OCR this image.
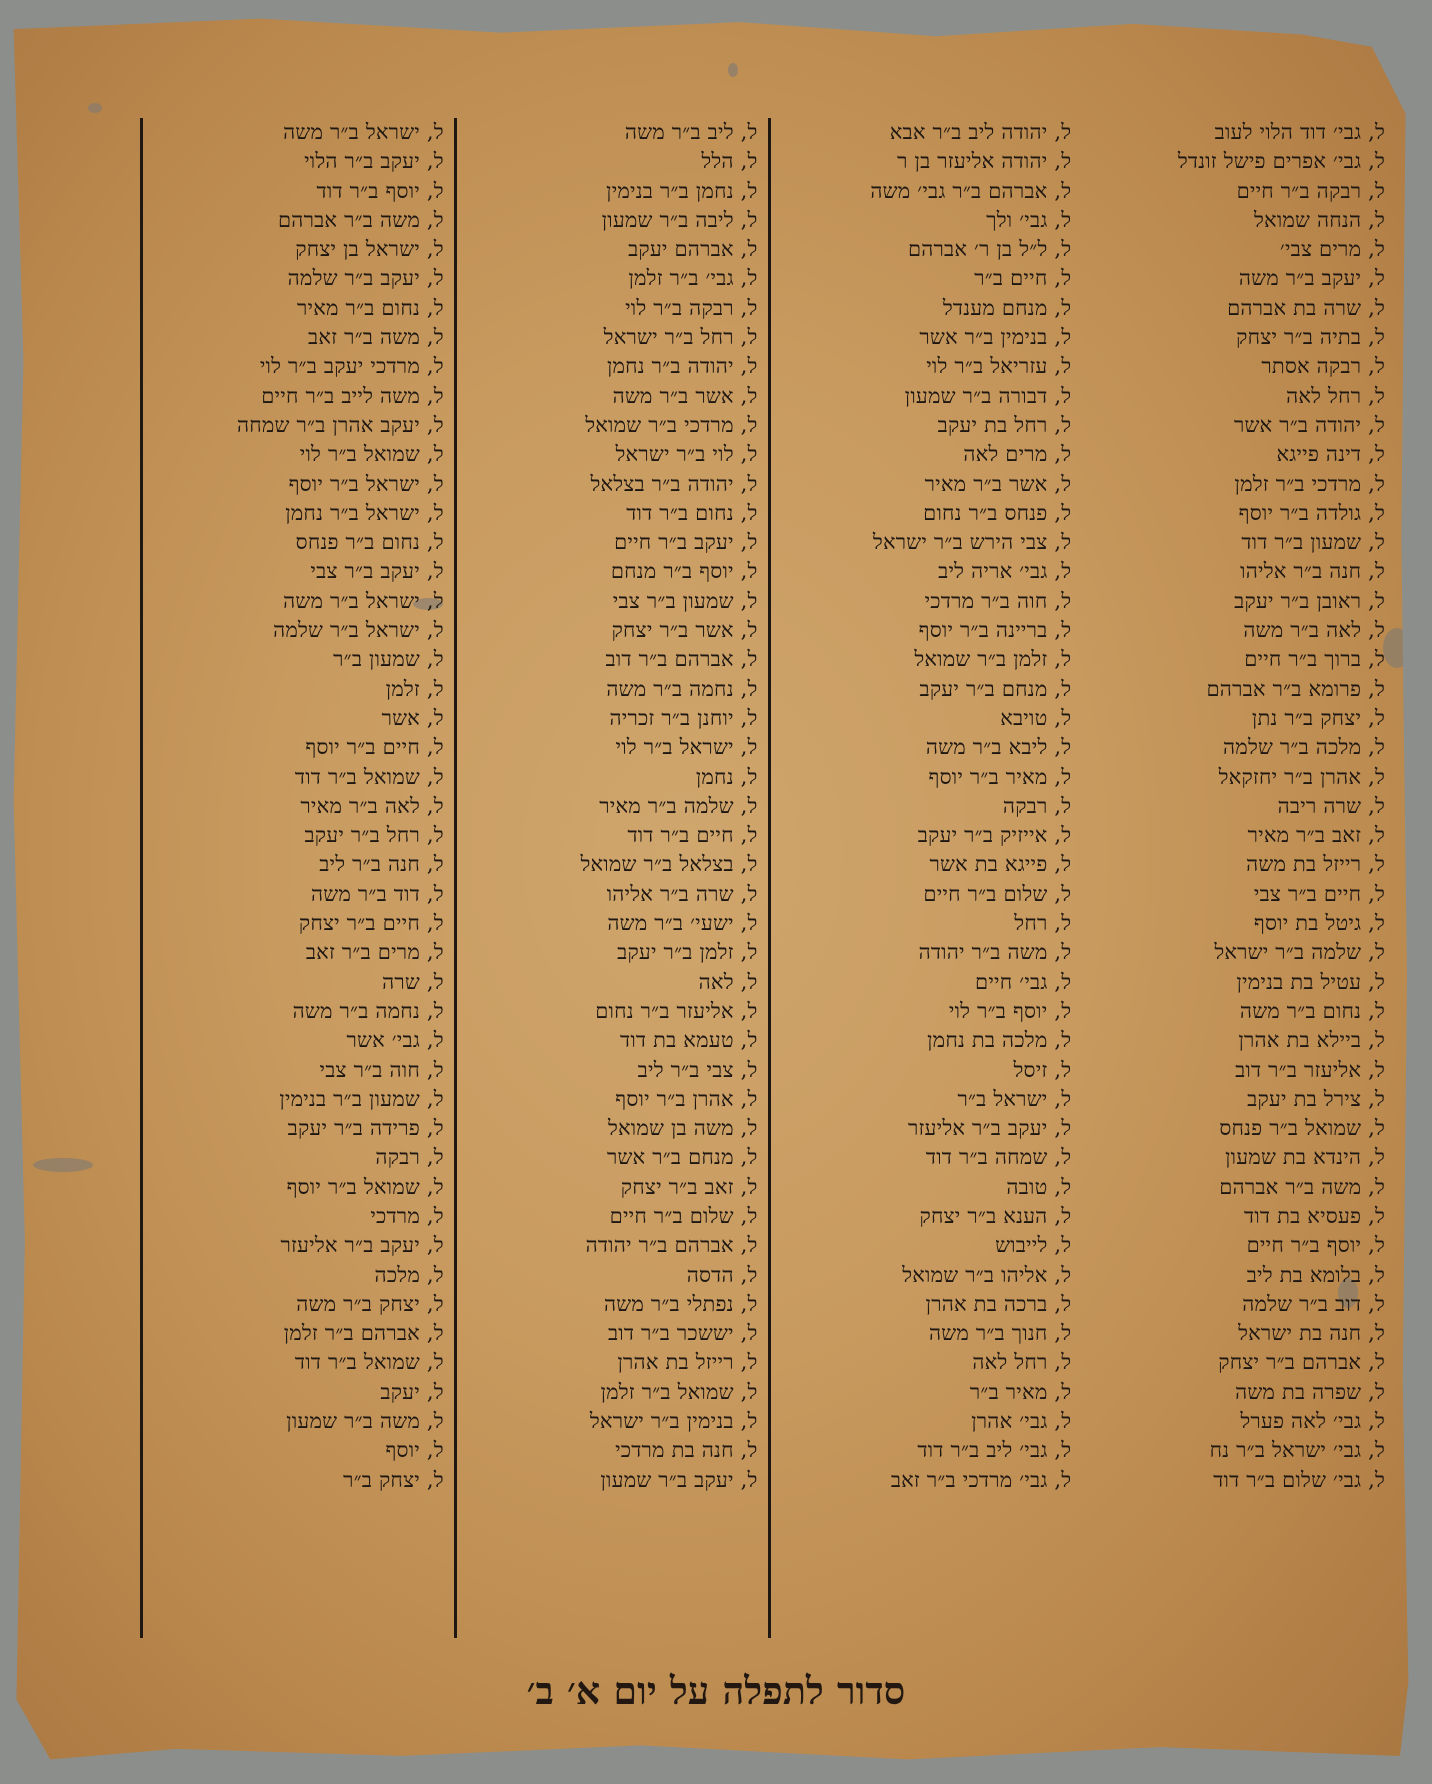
ל, גבי׳ דוד הלוי לעוב
ל, גבי׳ אפרים פישל זונדל
ל, רבקה ב״ר חיים
ל, הנחה שמואל
ל, מרים צבי׳
ל, יעקב ב״ר משה
ל, שרה בת אברהם
ל, בתיה ב״ר יצחק
ל, רבקה אסתר
ל, רחל לאה
ל, יהודה ב״ר אשר
ל, דינה פייגא
ל, מרדכי ב״ר זלמן
ל, גולדה ב״ר יוסף
ל, שמעון ב״ר דוד
ל, חנה ב״ר אליהו
ל, ראובן ב״ר יעקב
ל, לאה ב״ר משה
ל, ברוך ב״ר חיים
ל, פרומא ב״ר אברהם
ל, יצחק ב״ר נתן
ל, מלכה ב״ר שלמה
ל, אהרן ב״ר יחזקאל
ל, שרה ריבה
ל, זאב ב״ר מאיר
ל, רייזל בת משה
ל, חיים ב״ר צבי
ל, גיטל בת יוסף
ל, שלמה ב״ר ישראל
ל, עטיל בת בנימין
ל, נחום ב״ר משה
ל, ביילא בת אהרן
ל, אליעזר ב״ר דוב
ל, צירל בת יעקב
ל, שמואל ב״ר פנחס
ל, הינדא בת שמעון
ל, משה ב״ר אברהם
ל, פעסיא בת דוד
ל, יוסף ב״ר חיים
ל, בלומא בת ליב
ל, דוב ב״ר שלמה
ל, חנה בת ישראל
ל, אברהם ב״ר יצחק
ל, שפרה בת משה
ל, גבי׳ לאה פערל
ל, גבי׳ ישראל ב״ר נח
ל, גבי׳ שלום ב״ר דוד
ל, יהודה ליב ב״ר אבא
ל, יהודה אליעזר בן ר
ל, אברהם ב״ר גבי׳ משה
ל, גבי׳ ולך
ל, ל״ל בן ר׳ אברהם
ל, חיים ב״ר
ל, מנחם מענדל
ל, בנימין ב״ר אשר
ל, עזריאל ב״ר לוי
ל, דבורה ב״ר שמעון
ל, רחל בת יעקב
ל, מרים לאה
ל, אשר ב״ר מאיר
ל, פנחס ב״ר נחום
ל, צבי הירש ב״ר ישראל
ל, גבי׳ אריה ליב
ל, חוה ב״ר מרדכי
ל, בריינה ב״ר יוסף
ל, זלמן ב״ר שמואל
ל, מנחם ב״ר יעקב
ל, טויבא
ל, ליבא ב״ר משה
ל, מאיר ב״ר יוסף
ל, רבקה
ל, אייזיק ב״ר יעקב
ל, פייגא בת אשר
ל, שלום ב״ר חיים
ל, רחל
ל, משה ב״ר יהודה
ל, גבי׳ חיים
ל, יוסף ב״ר לוי
ל, מלכה בת נחמן
ל, זיסל
ל, ישראל ב״ר
ל, יעקב ב״ר אליעזר
ל, שמחה ב״ר דוד
ל, טובה
ל, הענא ב״ר יצחק
ל, לייבוש
ל, אליהו ב״ר שמואל
ל, ברכה בת אהרן
ל, חנוך ב״ר משה
ל, רחל לאה
ל, מאיר ב״ר
ל, גבי׳ אהרן
ל, גבי׳ ליב ב״ר דוד
ל, גבי׳ מרדכי ב״ר זאב
ל, ליב ב״ר משה
ל, הלל
ל, נחמן ב״ר בנימין
ל, ליבה ב״ר שמעון
ל, אברהם יעקב
ל, גבי׳ ב״ר זלמן
ל, רבקה ב״ר לוי
ל, רחל ב״ר ישראל
ל, יהודה ב״ר נחמן
ל, אשר ב״ר משה
ל, מרדכי ב״ר שמואל
ל, לוי ב״ר ישראל
ל, יהודה ב״ר בצלאל
ל, נחום ב״ר דוד
ל, יעקב ב״ר חיים
ל, יוסף ב״ר מנחם
ל, שמעון ב״ר צבי
ל, אשר ב״ר יצחק
ל, אברהם ב״ר דוב
ל, נחמה ב״ר משה
ל, יוחנן ב״ר זכריה
ל, ישראל ב״ר לוי
ל, נחמן
ל, שלמה ב״ר מאיר
ל, חיים ב״ר דוד
ל, בצלאל ב״ר שמואל
ל, שרה ב״ר אליהו
ל, ישעי׳ ב״ר משה
ל, זלמן ב״ר יעקב
ל, לאה
ל, אליעזר ב״ר נחום
ל, טעמא בת דוד
ל, צבי ב״ר ליב
ל, אהרן ב״ר יוסף
ל, משה בן שמואל
ל, מנחם ב״ר אשר
ל, זאב ב״ר יצחק
ל, שלום ב״ר חיים
ל, אברהם ב״ר יהודה
ל, הדסה
ל, נפתלי ב״ר משה
ל, יששכר ב״ר דוב
ל, רייזל בת אהרן
ל, שמואל ב״ר זלמן
ל, בנימין ב״ר ישראל
ל, חנה בת מרדכי
ל, יעקב ב״ר שמעון
ל, ישראל ב״ר משה
ל, יעקב ב״ר הלוי
ל, יוסף ב״ר דוד
ל, משה ב״ר אברהם
ל, ישראל בן יצחק
ל, יעקב ב״ר שלמה
ל, נחום ב״ר מאיר
ל, משה ב״ר זאב
ל, מרדכי יעקב ב״ר לוי
ל, משה לייב ב״ר חיים
ל, יעקב אהרן ב״ר שמחה
ל, שמואל ב״ר לוי
ל, ישראל ב״ר יוסף
ל, ישראל ב״ר נחמן
ל, נחום ב״ר פנחס
ל, יעקב ב״ר צבי
ל, ישראל ב״ר משה
ל, ישראל ב״ר שלמה
ל, שמעון ב״ר
ל, זלמן
ל, אשר
ל, חיים ב״ר יוסף
ל, שמואל ב״ר דוד
ל, לאה ב״ר מאיר
ל, רחל ב״ר יעקב
ל, חנה ב״ר ליב
ל, דוד ב״ר משה
ל, חיים ב״ר יצחק
ל, מרים ב״ר זאב
ל, שרה
ל, נחמה ב״ר משה
ל, גבי׳ אשר
ל, חוה ב״ר צבי
ל, שמעון ב״ר בנימין
ל, פרידה ב״ר יעקב
ל, רבקה
ל, שמואל ב״ר יוסף
ל, מרדכי
ל, יעקב ב״ר אליעזר
ל, מלכה
ל, יצחק ב״ר משה
ל, אברהם ב״ר זלמן
ל, שמואל ב״ר דוד
ל, יעקב
ל, משה ב״ר שמעון
ל, יוסף
ל, יצחק ב״ר
סדור לתפלה על יום א׳ ב׳
